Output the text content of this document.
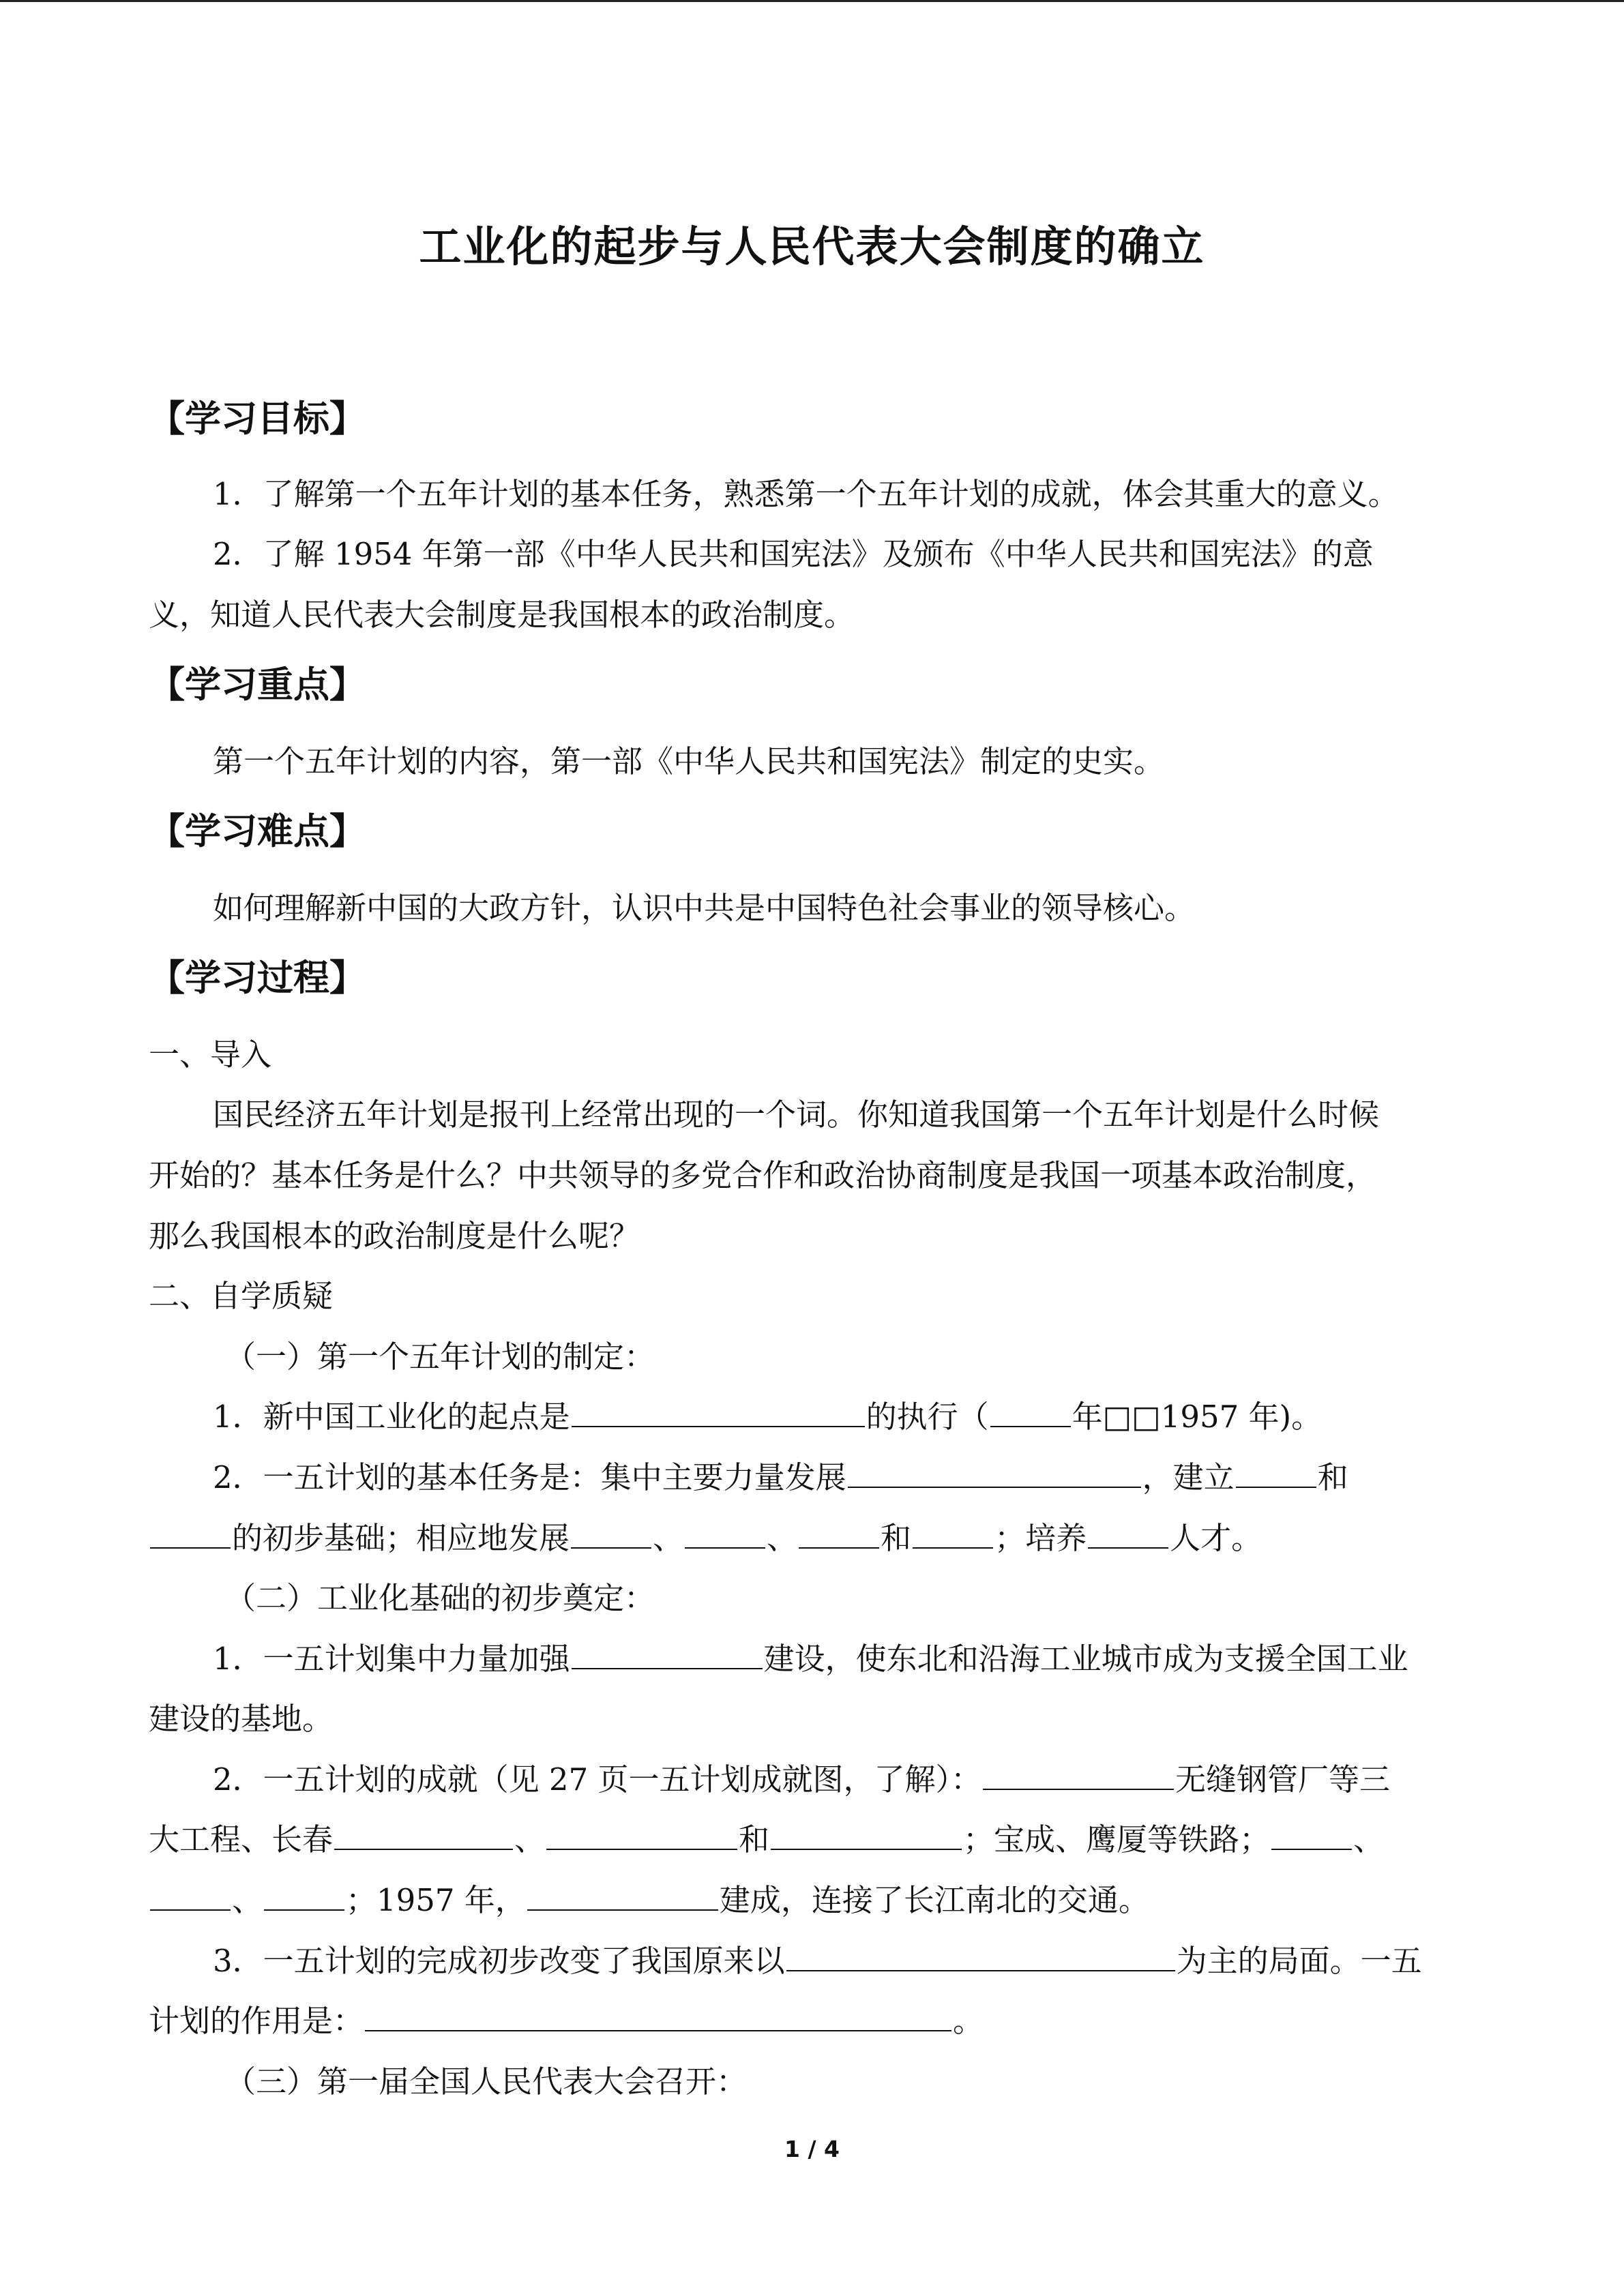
工业化的起步与人民代表大会制度的确立
【学习目标】
1．了解第一个五年计划的基本任务，熟悉第一个五年计划的成就，体会其重大的意义。
2．了解 1954 年第一部《中华人民共和国宪法》及颁布《中华人民共和国宪法》的意
义，知道人民代表大会制度是我国根本的政治制度。
【学习重点】
第一个五年计划的内容，第一部《中华人民共和国宪法》制定的史实。
【学习难点】
如何理解新中国的大政方针，认识中共是中国特色社会事业的领导核心。
【学习过程】
一、导入
国民经济五年计划是报刊上经常出现的一个词。你知道我国第一个五年计划是什么时候
开始的？基本任务是什么？中共领导的多党合作和政治协商制度是我国一项基本政治制度，
那么我国根本的政治制度是什么呢？
二、自学质疑
（一）第一个五年计划的制定：
1．新中国工业化的起点是	的执行（	年□□1957 年)。
2．一五计划的基本任务是：集中主要力量发展	，建立	和
的初步基础；相应地发展	、	、	和	；培养	人才。
（二）工业化基础的初步奠定：
1．一五计划集中力量加强	建设，使东北和沿海工业城市成为支援全国工业
建设的基地。
2．一五计划的成就（见 27 页一五计划成就图，了解）：	无缝钢管厂等三
大工程、长春	、	和	；宝成、鹰厦等铁路；	、
、	；1957 年，	建成，连接了长江南北的交通。
3．一五计划的完成初步改变了我国原来以	为主的局面。一五
计划的作用是：	。
（三）第一届全国人民代表大会召开：
1 / 4
